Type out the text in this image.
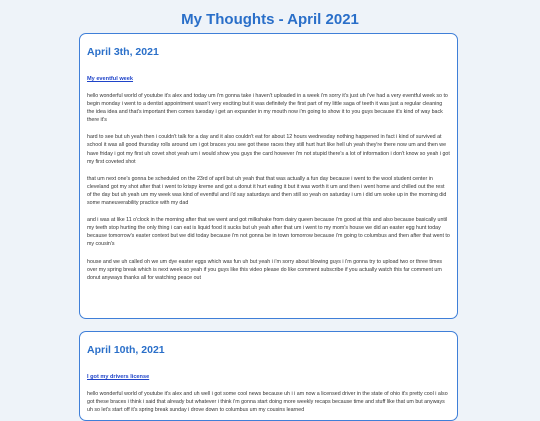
My Thoughts - April 2021
April 3th, 2021
My eventful week

hello wonderful world of youtube it's alex and today um i'm gonna take i haven't uploaded in a week i'm sorry it's just uh i've had a very eventful week so to begin monday i went to a dentist appointment wasn't very exciting but it was definitely the first part of my little saga of teeth it was just a regular cleaning the idea idea and that's important then comes tuesday i get an expander in my mouth now i'm going to show it to you guys because it's kind of way back there it's

hard to see but uh yeah then i couldn't talk for a day and it also couldn't eat for about 12 hours wednesday nothing happened in fact i kind of survived at school it was all good thursday rolls around um i got braces you see got these races they still hurt hurt like hell uh yeah they're there now um and then we have friday i got my first uh covet shot yeah um i would show you guys the card however i'm not stupid there's a lot of information i don't know so yeah i got my first coveted shot

that um next one's gonna be scheduled on the 23rd of april but uh yeah that that was actually a fun day because i went to the wool student center in cleveland got my shot after that i went to krispy kreme and got a donut it hurt eating it but it was worth it um and then i went home and chilled out the rest of the day but uh yeah um my week was kind of eventful and i'd say saturdays and then still so yeah on saturday i um i did um woke up in the morning did some maneuverability practice with my dad

and i was at like 11 o'clock in the morning after that we went and got milkshake from dairy queen because i'm good at this and also because basically until my teeth stop hurting the only thing i can eat is liquid food it sucks but uh yeah after that um i went to my mom's house we did an easter egg hunt today because tomorrow's easter context but we did today because i'm not gonna be in town tomorrow because i'm going to columbus and then after that went to my cousin's

house and we uh called oh we um dye easter eggs which was fun uh but yeah i i'm sorry about blowing guys i i'm gonna try to upload two or three times over my spring break which is next week so yeah if you guys like this video please do like comment subscribe if you actually watch this far comment um donut anyways thanks all for watching peace out

April 10th, 2021
I got my drivers license

hello wonderful world of youtube it's alex and uh well i got some cool news because uh i i am now a licensed driver in the state of ohio it's pretty cool i also got these braces i think i said that already but whatever i think i'm gonna start doing more weekly recaps because time and stuff like that um but anyways uh so let's start off it's spring break sunday i drove down to columbus um my cousins learned
